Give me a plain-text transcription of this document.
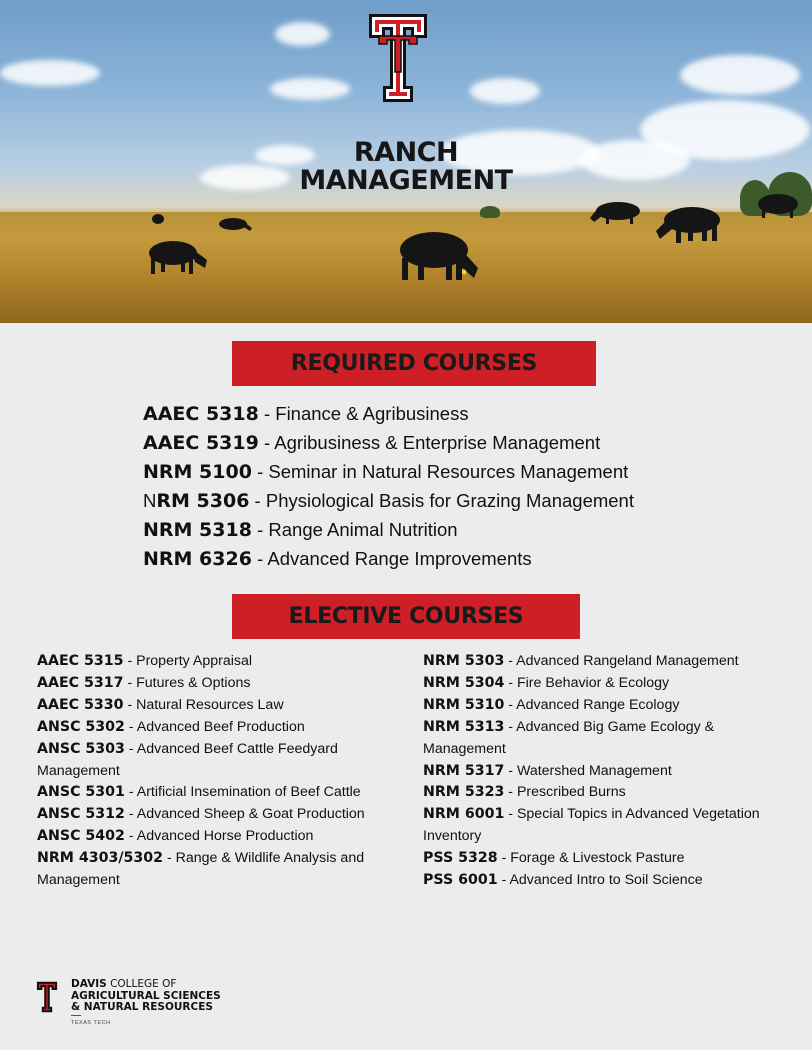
RANCH
MANAGEMENT
REQUIRED COURSES
AAEC 5318 - Finance & Agribusiness
AAEC 5319 - Agribusiness & Enterprise Management
NRM 5100 - Seminar in Natural Resources Management
NRM 5306 - Physiological Basis for Grazing Management
NRM 5318 - Range Animal Nutrition
NRM 6326 - Advanced Range Improvements
ELECTIVE COURSES
AAEC 5315 - Property Appraisal
AAEC 5317 - Futures & Options
AAEC 5330 - Natural Resources Law
ANSC 5302 - Advanced Beef Production
ANSC 5303 - Advanced Beef Cattle Feedyard Management
ANSC 5301 - Artificial Insemination of Beef Cattle
ANSC 5312 - Advanced Sheep & Goat Production
ANSC 5402 - Advanced Horse Production
NRM 4303/5302 - Range & Wildlife Analysis and Management
NRM 5303 - Advanced Rangeland Management
NRM 5304 - Fire Behavior & Ecology
NRM 5310 - Advanced Range Ecology
NRM 5313 - Advanced Big Game Ecology & Management
NRM 5317 - Watershed Management
NRM 5323 - Prescribed Burns
NRM 6001 - Special Topics in Advanced Vegetation Inventory
PSS 5328 - Forage & Livestock Pasture
PSS 6001 - Advanced Intro to Soil Science
DAVIS COLLEGE OF
AGRICULTURAL SCIENCES
& NATURAL RESOURCES
TEXAS TECH
